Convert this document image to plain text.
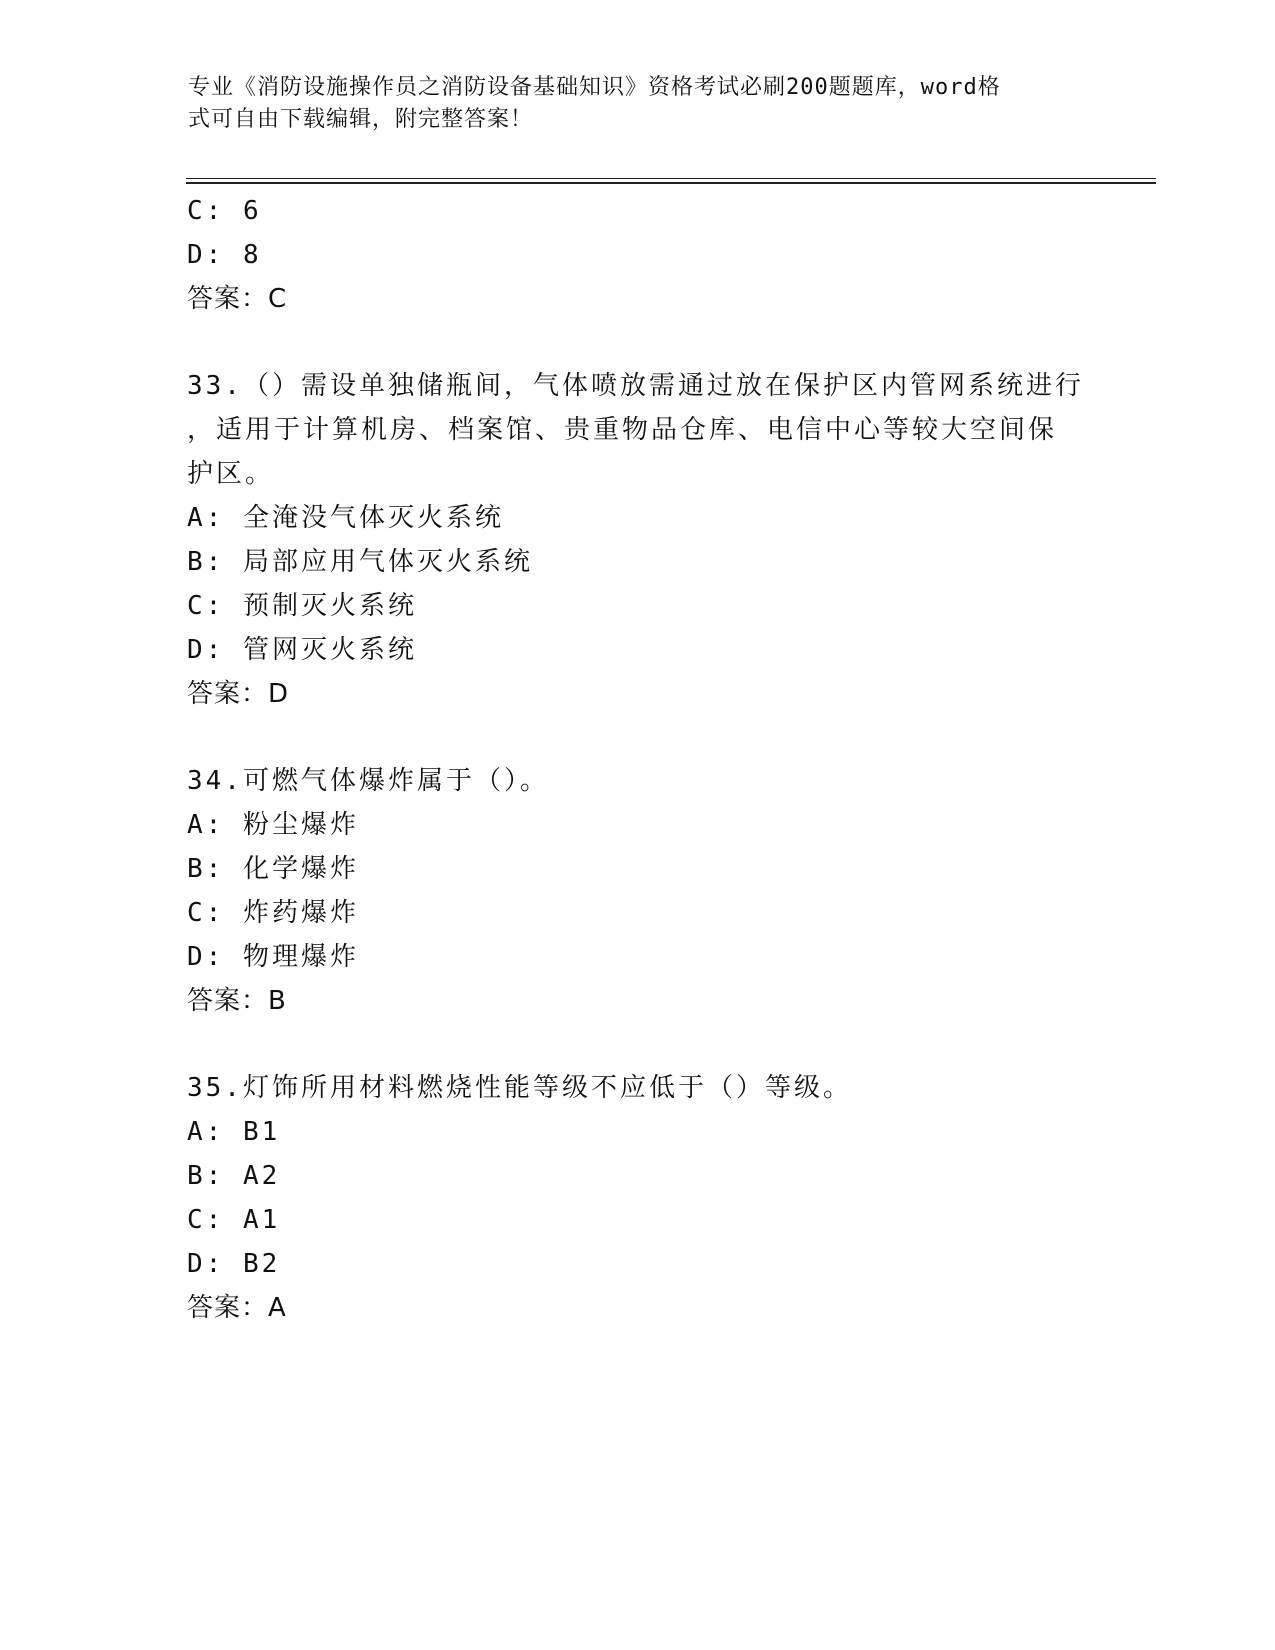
专业《消防设施操作员之消防设备基础知识》资格考试必刷200题题库，word格
式可自由下载编辑，附完整答案！
C: 6
D: 8
答案：C
33.（）需设单独储瓶间，气体喷放需通过放在保护区内管网系统进行
，适用于计算机房、档案馆、贵重物品仓库、电信中心等较大空间保
护区。
A: 全淹没气体灭火系统
B: 局部应用气体灭火系统
C: 预制灭火系统
D: 管网灭火系统
答案：D
34.可燃气体爆炸属于（）。
A: 粉尘爆炸
B: 化学爆炸
C: 炸药爆炸
D: 物理爆炸
答案：B
35.灯饰所用材料燃烧性能等级不应低于（）等级。
A: B1
B: A2
C: A1
D: B2
答案：A
